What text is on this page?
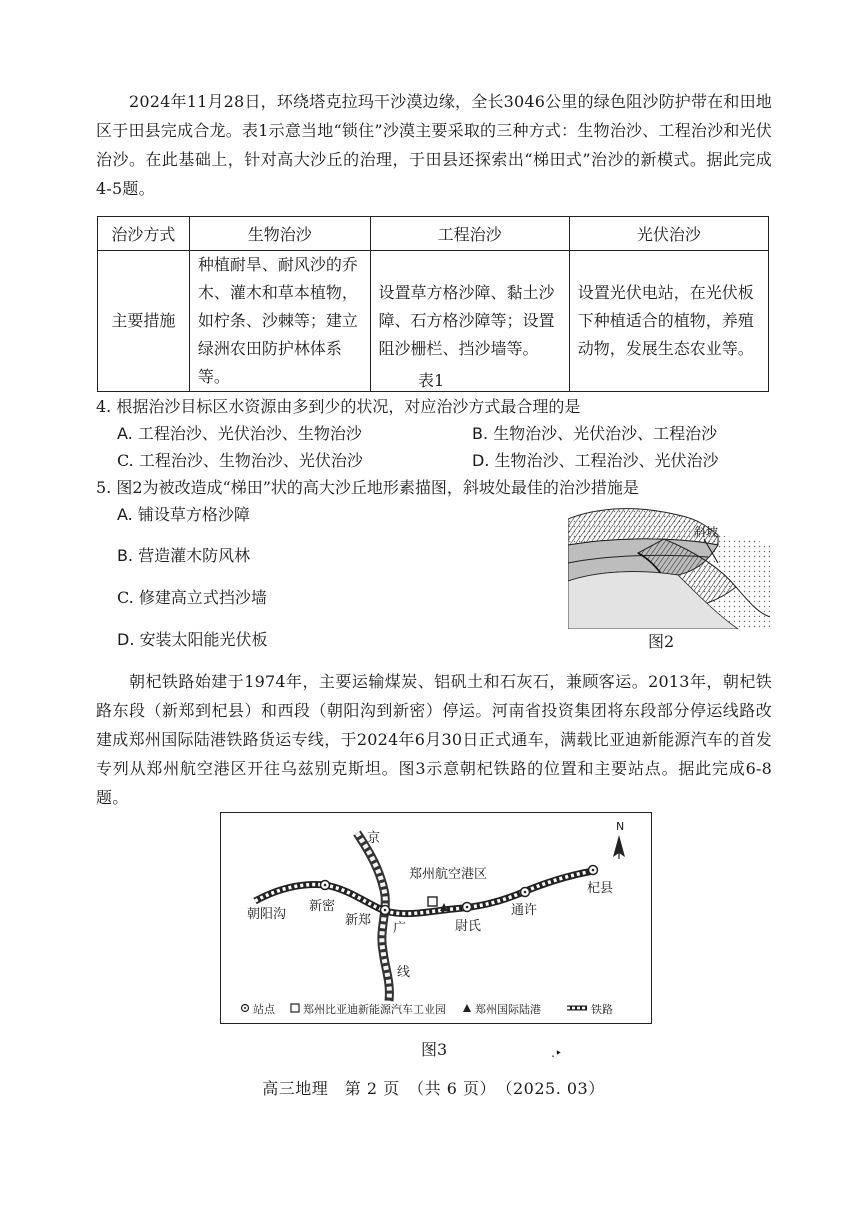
2024年11月28日，环绕塔克拉玛干沙漠边缘，全长3046公里的绿色阻沙防护带在和田地区于田县完成合龙。表1示意当地“锁住”沙漠主要采取的三种方式：生物治沙、工程治沙和光伏治沙。在此基础上，针对高大沙丘的治理，于田县还探索出“梯田式”治沙的新模式。据此完成4-5题。
治沙方式	生物治沙	工程治沙	光伏治沙
主要措施	种植耐旱、耐风沙的乔木、灌木和草本植物，如柠条、沙棘等；建立绿洲农田防护林体系等。	设置草方格沙障、黏土沙障、石方格沙障等；设置阻沙栅栏、挡沙墙等。	设置光伏电站，在光伏板下种植适合的植物，养殖动物，发展生态农业等。
表1
4. 根据治沙目标区水资源由多到少的状况，对应治沙方式最合理的是
A. 工程治沙、光伏治沙、生物治沙	B. 生物治沙、光伏治沙、工程治沙
C. 工程治沙、生物治沙、光伏治沙	D. 生物治沙、工程治沙、光伏治沙
5. 图2为被改造成“梯田”状的高大沙丘地形素描图，斜坡处最佳的治沙措施是
A. 铺设草方格沙障
B. 营造灌木防风林
C. 修建高立式挡沙墙
D. 安装太阳能光伏板
斜坡
图2
朝杞铁路始建于1974年，主要运输煤炭、铝矾土和石灰石，兼顾客运。2013年，朝杞铁路东段（新郑到杞县）和西段（朝阳沟到新密）停运。河南省投资集团将东段部分停运线路改建成郑州国际陆港铁路货运专线，于2024年6月30日正式通车，满载比亚迪新能源汽车的首发专列从郑州航空港区开往乌兹别克斯坦。图3示意朝杞铁路的位置和主要站点。据此完成6-8题。
N
京
广
线
郑州航空港区
朝阳沟
新密
新郑	尉氏
通许
杞县
站点	郑州比亚迪新能源汽车工业园	郑州国际陆港	铁路
图3	․‣
高三地理　第 2 页　（共 6 页）　（2025. 03）
